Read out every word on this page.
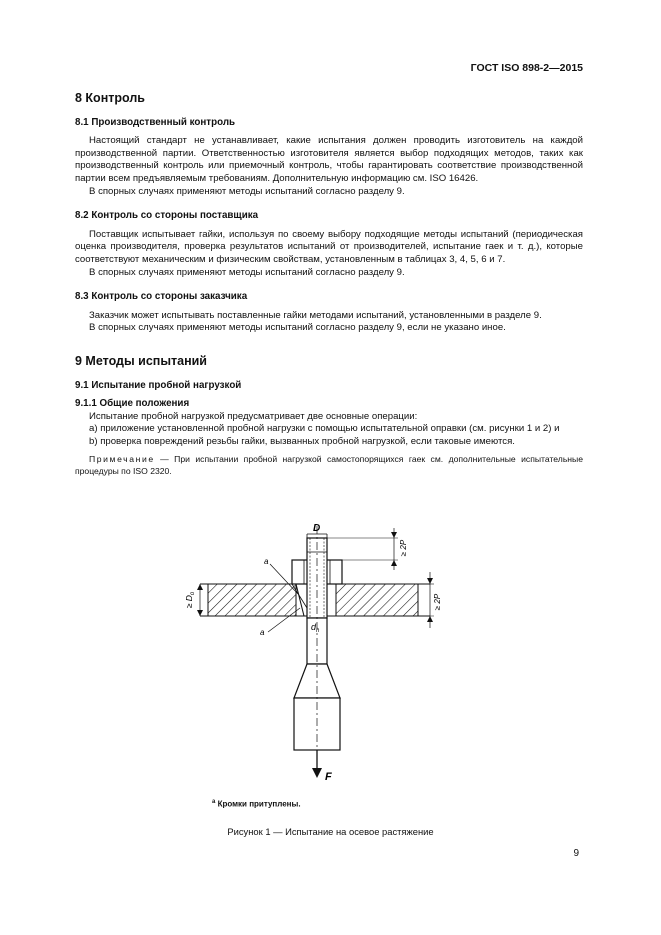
ГОСТ ISO 898-2—2015
8 Контроль
8.1 Производственный контроль

Настоящий стандарт не устанавливает, какие испытания должен проводить изготовитель на каждой производственной партии. Ответственностью изготовителя является выбор подходящих методов, таких как производственный контроль или приемочный контроль, чтобы гарантировать соответствие производственной партии всем предъявляемым требованиям. Дополнительную информацию см. ISO 16426.

В спорных случаях применяют методы испытаний согласно разделу 9.

8.2 Контроль со стороны поставщика

Поставщик испытывает гайки, используя по своему выбору подходящие методы испытаний (периодическая оценка производителя, проверка результатов испытаний от производителей, испытание гаек и т. д.), которые соответствуют механическим и физическим свойствам, установленным в таблицах 3, 4, 5, 6 и 7.

В спорных случаях применяют методы испытаний согласно разделу 9.

8.3 Контроль со стороны заказчика

Заказчик может испытывать поставленные гайки методами испытаний, установленными в разделе 9.

В спорных случаях применяют методы испытаний согласно разделу 9, если не указано иное.

9 Методы испытаний
9.1 Испытание пробной нагрузкой
9.1.1 Общие положения

Испытание пробной нагрузкой предусматривает две основные операции:

a) приложение установленной пробной нагрузки с помощью испытательной оправки (см. рисунки 1 и 2) и

b) проверка повреждений резьбы гайки, вызванных пробной нагрузкой, если таковые имеются.

Примечание — При испытании пробной нагрузкой самостопорящихся гаек см. дополнительные испытательные процедуры по ISO 2320.
F
D
≥ 2P
≥ 2P
≥ $D_o$
$d_h$
a
a
$^a$ Кромки притуплены.
Рисунок 1 — Испытание на осевое растяжение
9
